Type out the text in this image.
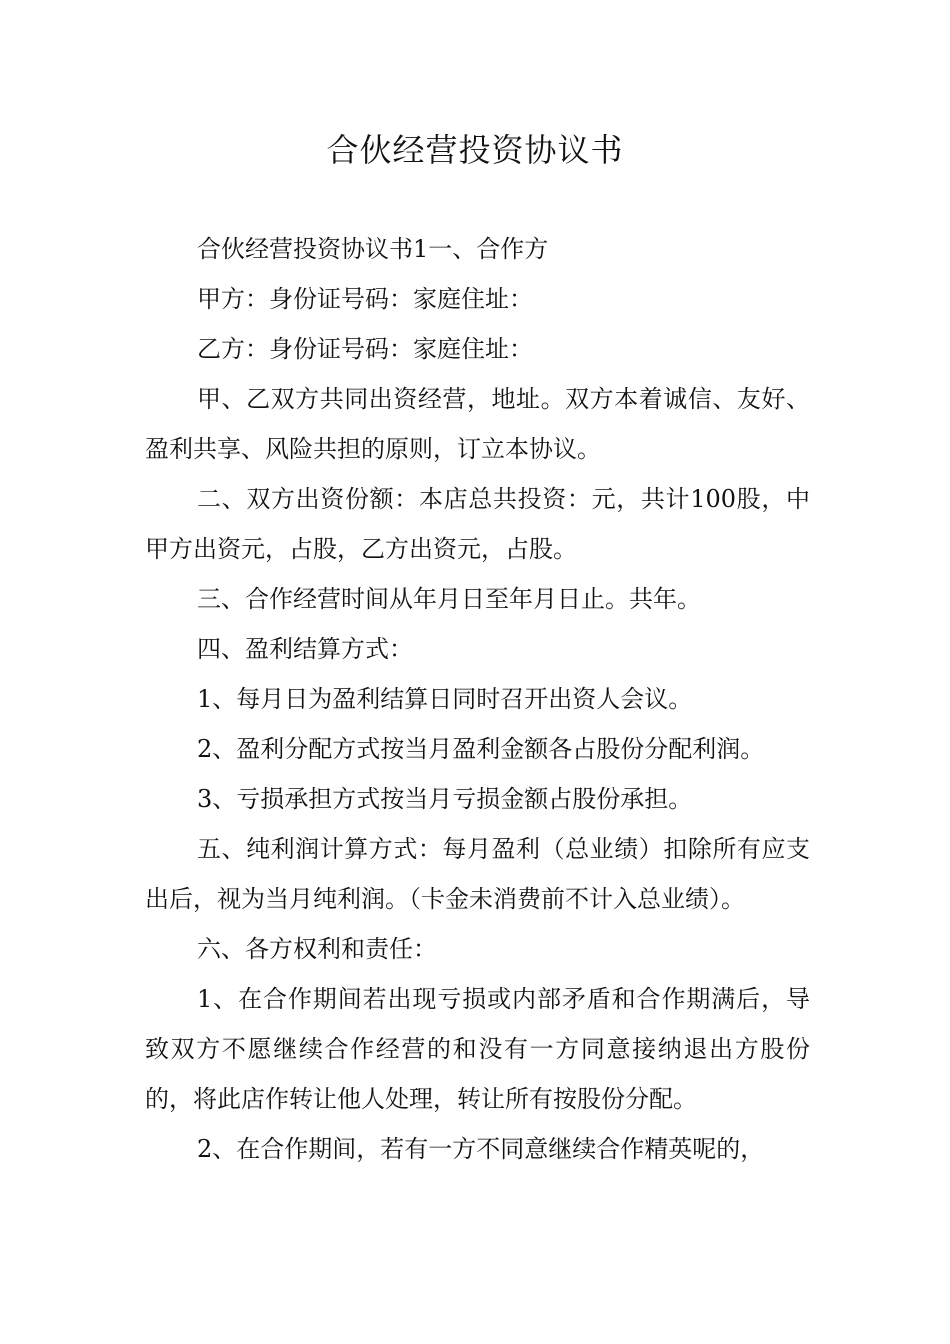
合伙经营投资协议书

合伙经营投资协议书1一、合作方

甲方：身份证号码：家庭住址：

乙方：身份证号码：家庭住址：

甲、乙双方共同出资经营，地址。双方本着诚信、友好、盈利共享、风险共担的原则，订立本协议。

二、双方出资份额：本店总共投资：元，共计100股，中甲方出资元，占股，乙方出资元，占股。

三、合作经营时间从年月日至年月日止。共年。

四、盈利结算方式：

1、每月日为盈利结算日同时召开出资人会议。

2、盈利分配方式按当月盈利金额各占股份分配利润。

3、亏损承担方式按当月亏损金额占股份承担。

五、纯利润计算方式：每月盈利（总业绩）扣除所有应支出后，视为当月纯利润。（卡金未消费前不计入总业绩）。

六、各方权利和责任：

1、在合作期间若出现亏损或内部矛盾和合作期满后，导致双方不愿继续合作经营的和没有一方同意接纳退出方股份的，将此店作转让他人处理，转让所有按股份分配。

2、在合作期间，若有一方不同意继续合作精英呢的，
